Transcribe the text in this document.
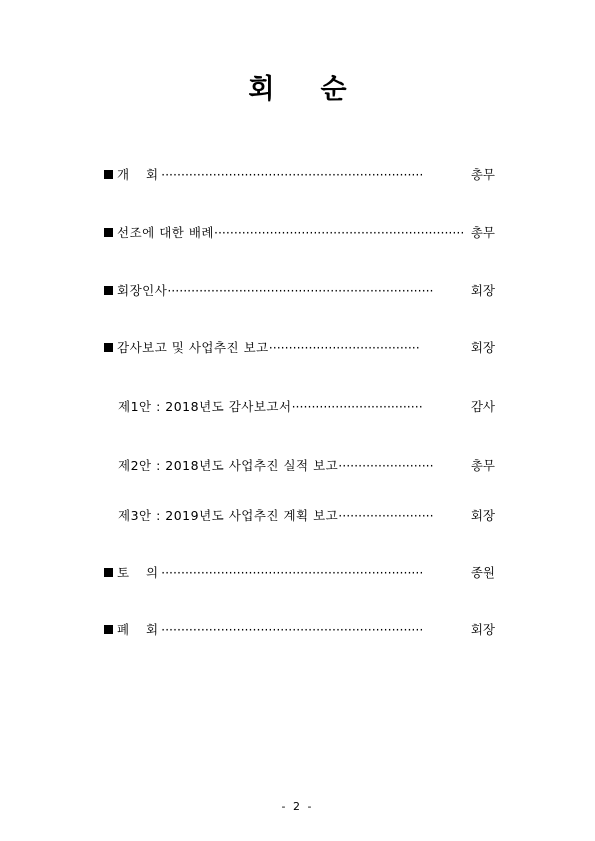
회 순
개  회··································································	총무
선조에 대한 배례······························································· 총무
회장인사···································································	회장
감사보고 및 사업추진 보고······································	회장
제1안 : 2018년도 감사보고서·································	감사
제2안 : 2018년도 사업추진 실적 보고························	총무
제3안 : 2019년도 사업추진 계획 보고························	회장
토  의··································································	종원
폐  회··································································	회장
- 2 -
